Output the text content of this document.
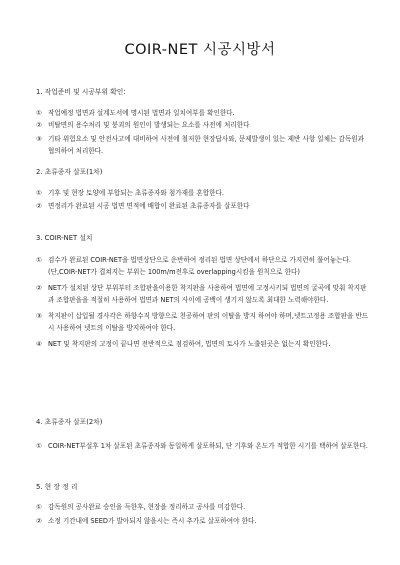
COIR-NET 시공시방서
1. 작업준비 및 시공부위 확인:
① 작업예정 법면과 설계도서에 명시된 법면과 일치여부를 확인한다.
② 비탈면의 용수처리 및 붕괴의 원인이 발생되는 요소를 사전에 처리한다
③ 기타 위험요소 및 안전사고에 대비하여 사전에 철저한 현장답사와, 문제발생이 있는 제반 사항 일체는 감독원과 협의하여 처리한다.
2. 초류종자 살포(1차)
① 기후 및 현장 토양에 부합되는 초류종자와 첨가재를 혼합한다.
② 면정리가 완료된 시공 법면 면적에 배합이 완료된 초류종자를 살포한다
3. COIR-NET 설치
① 검수가 완료된 COIR-NET을 법면상단으로 운반하여 정리된 법면 상단에서 하단으로 가지런히 풀어놓는다.(단,COIR-NET가 겹쳐지는 부위는 100m/m전후로 overlapping시킴을 원칙으로 한다)
② NET가 설치된 상단 부위부터 조합판을이용한 착지판을 사용하여 법면에 고정시키되 법면의 굴곡에 맞춰 착지판과 조합판을을 적절히 사용하여 법면과 NET의 사이에 공백이 생기지 않도록 최대한 노력해야한다.
③ 착지판이 삽입될 경사각은 하향수직 방향으로 천공하여 판의 이탈을 방지 하여야 하며,넷트고정용 조합판을 반드시 사용하여 넷트의 이탈을 방지하여야 한다.
④ NET 및 착지판의 고정이 끝나면 전반적으로 점검하여, 법면의 토사가 노출된곳은 없는지 확인한다.
4. 초류종자 살포(2차)
① COIR-NET부설후 1차 살포된 초류종자와 동일하게 살포하되, 단 기후와 온도가 적합한 시기를 택하여 살포한다.
5. 현 장 정 리
① 감독원의 공사완료 승인을 득한후, 현장을 정리하고 공사를 미감한다.
② 소정 기간내에 SEED가 발아되지 않을시는 즉시 추가로 살포하여야 한다.
